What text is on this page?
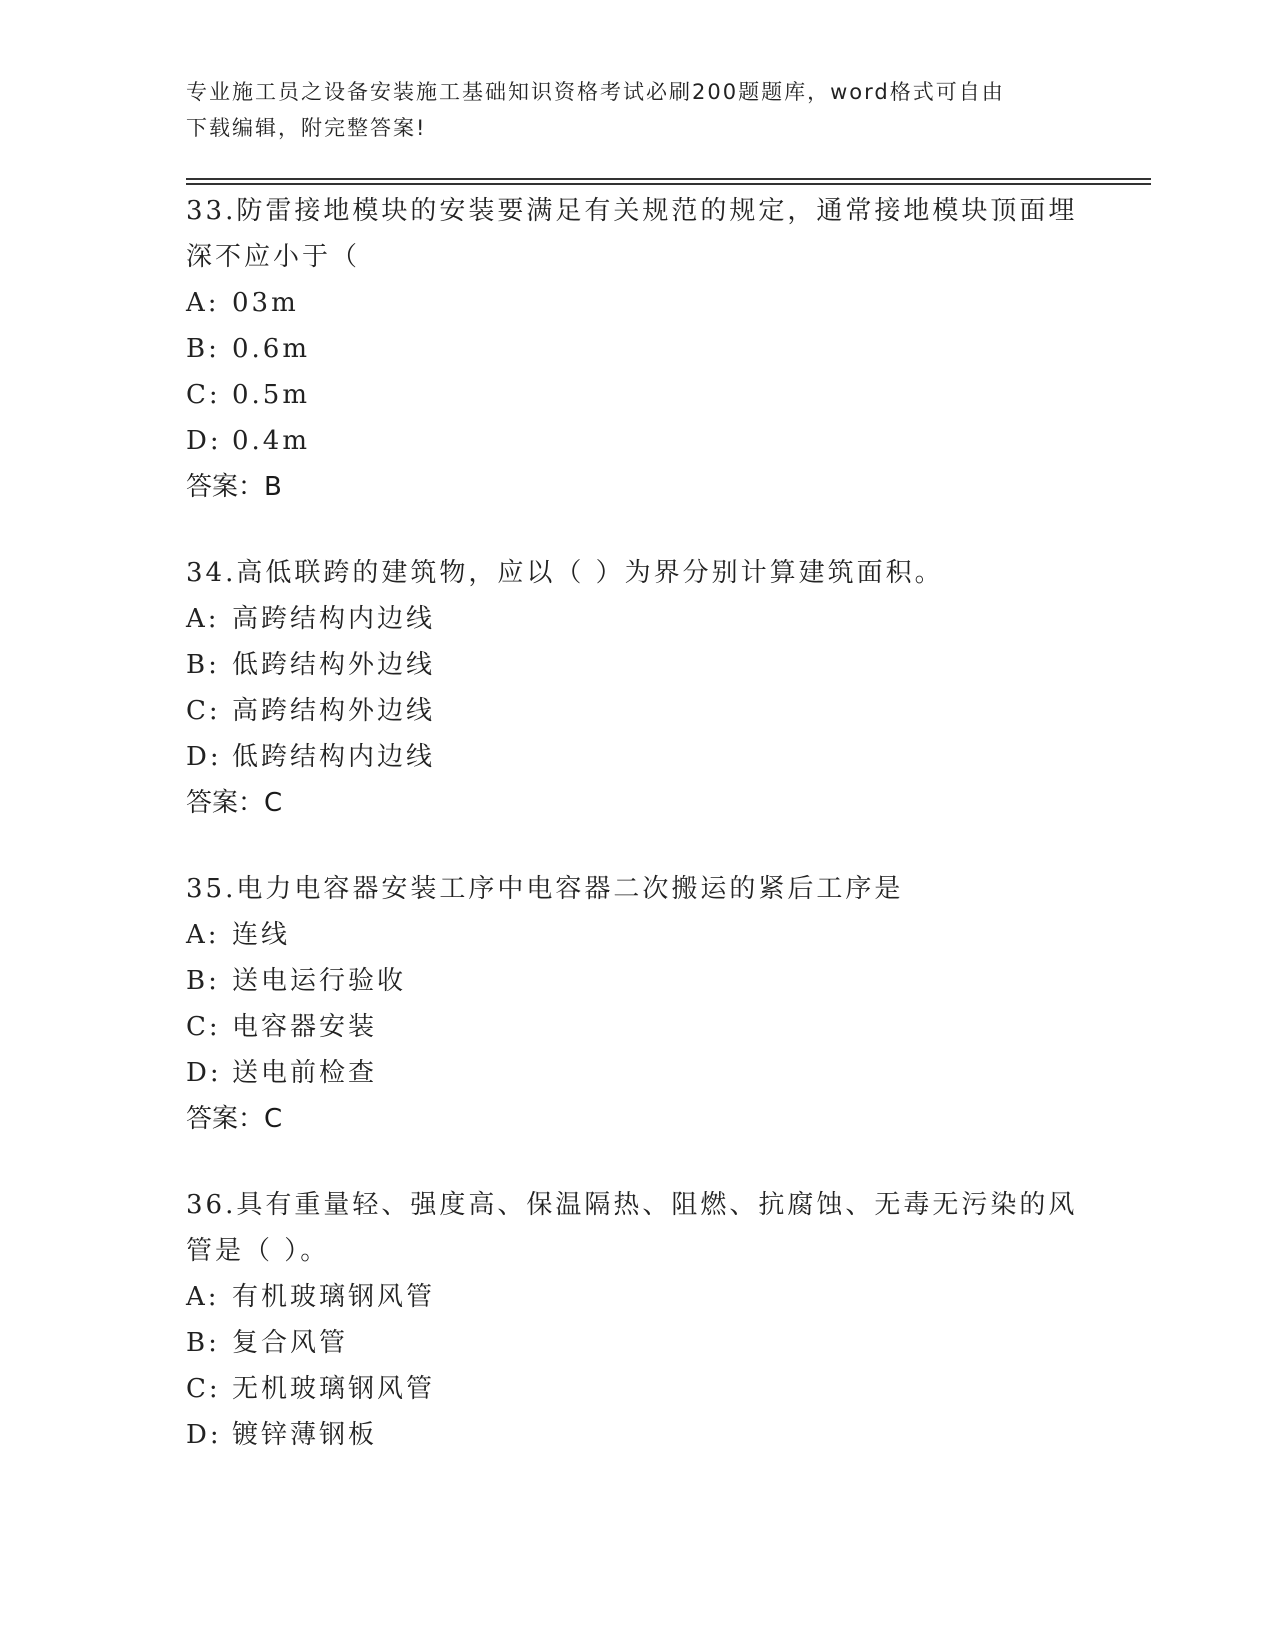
专业施工员之设备安装施工基础知识资格考试必刷200题题库，word格式可自由
下载编辑，附完整答案!

33.防雷接地模块的安装要满足有关规范的规定，通常接地模块顶面埋
深不应小于（

A: 03m

B: 0.6m

C: 0.5m

D: 0.4m

答案：B

34.高低联跨的建筑物，应以（ ）为界分别计算建筑面积。

A: 高跨结构内边线

B: 低跨结构外边线

C: 高跨结构外边线

D: 低跨结构内边线

答案：C

35.电力电容器安装工序中电容器二次搬运的紧后工序是

A: 连线

B: 送电运行验收

C: 电容器安装

D: 送电前检查

答案：C

36.具有重量轻、强度高、保温隔热、阻燃、抗腐蚀、无毒无污染的风
管是（ ）。

A: 有机玻璃钢风管

B: 复合风管

C: 无机玻璃钢风管

D: 镀锌薄钢板
